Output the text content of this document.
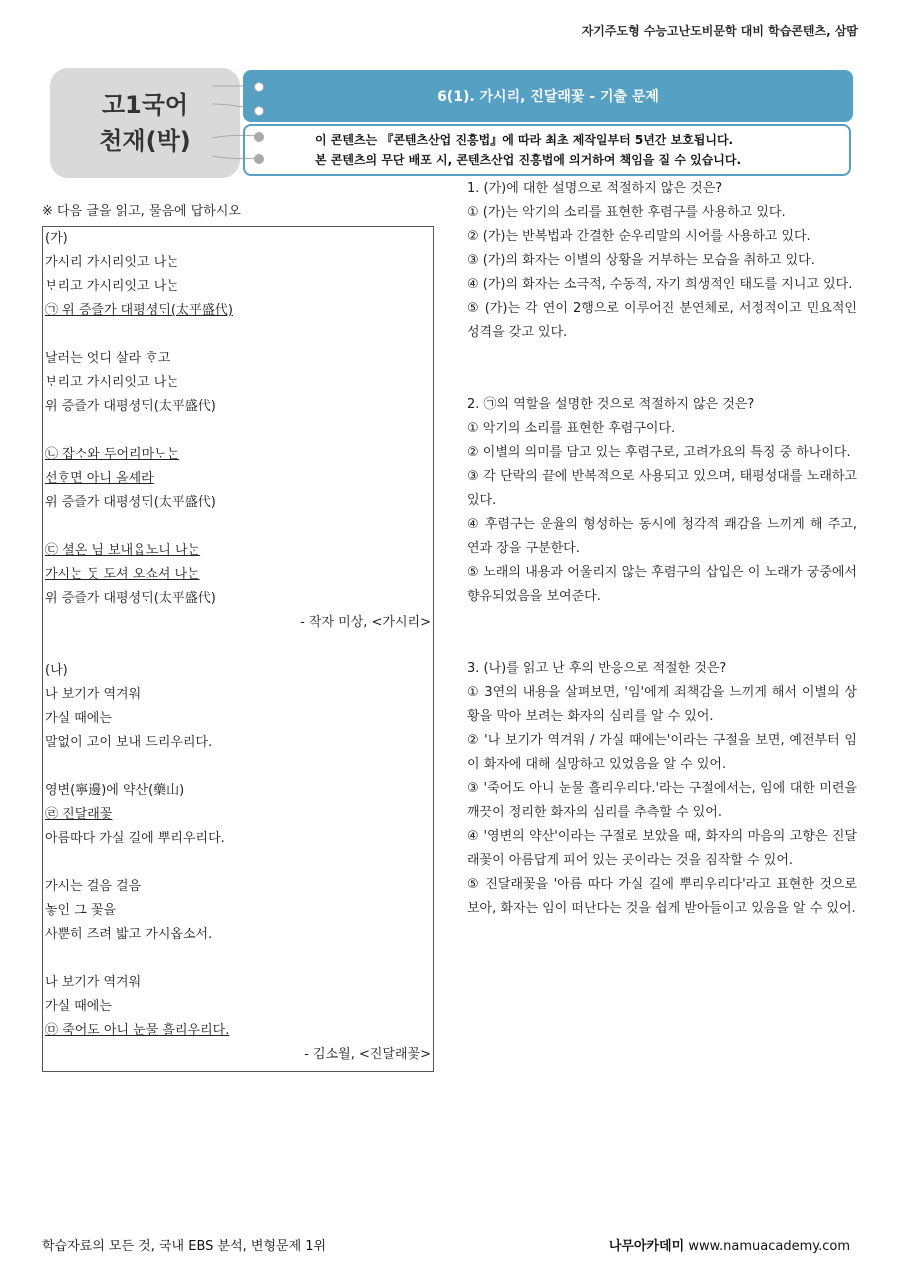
자기주도형 수능고난도비문학 대비 학습콘텐츠, 삼땀
고1국어
천재(박)
6(1). 가시리, 진달래꽃 - 기출 문제
이 콘텐츠는 『콘텐츠산업 진흥법』에 따라 최초 제작일부터 5년간 보호됩니다.
본 콘텐츠의 무단 배포 시, 콘텐츠산업 진흥법에 의거하여 책임을 질 수 있습니다.
※ 다음 글을 읽고, 물음에 답하시오
(가)
가시리 가시리잇고 나ᄂᆞᆫ
ᄇᆞ리고 가시리잇고 나ᄂᆞᆫ
㉠ 위 증즐가 대평셩ᄃᆡ(太平盛代)
날러는 엇디 살라 ᄒᆞ고
ᄇᆞ리고 가시리잇고 나ᄂᆞᆫ
위 증즐가 대평셩ᄃᆡ(太平盛代)
㉡ 잡ᄉᆞ와 두어리마ᄂᆞᄂᆞᆫ
선ᄒᆞ면 아니 올셰라
위 증즐가 대평셩ᄃᆡ(太平盛代)
㉢ 셜온 님 보내ᄋᆞᆸ노니 나ᄂᆞᆫ
가시ᄂᆞᆫ ᄃᆞᆺ 도셔 오쇼셔 나ᄂᆞᆫ
위 증즐가 대평셩ᄃᆡ(太平盛代)
- 작자 미상, <가시리>
(나)
나 보기가 역겨워
가실 때에는
말없이 고이 보내 드리우리다.
영변(寧邊)에 약산(藥山)
㉣ 진달래꽃
아름따다 가실 길에 뿌리우리다.
가시는 걸음 걸음
놓인 그 꽃을
사뿐히 즈려 밟고 가시옵소서.
나 보기가 역겨워
가실 때에는
㉤ 죽어도 아니 눈물 흘리우리다.
- 김소월, <진달래꽃>
1. (가)에 대한 설명으로 적절하지 않은 것은?
① (가)는 악기의 소리를 표현한 후렴구를 사용하고 있다.
② (가)는 반복법과 간결한 순우리말의 시어를 사용하고 있다.
③ (가)의 화자는 이별의 상황을 거부하는 모습을 취하고 있다.
④ (가)의 화자는 소극적, 수동적, 자기 희생적인 태도를 지니고 있다.
⑤ (가)는 각 연이 2행으로 이루어진 분연체로, 서정적이고 민요적인 성격을 갖고 있다.
2. ㉠의 역할을 설명한 것으로 적절하지 않은 것은?
① 악기의 소리를 표현한 후렴구이다.
② 이별의 의미를 담고 있는 후렴구로, 고려가요의 특징 중 하나이다.
③ 각 단락의 끝에 반복적으로 사용되고 있으며, 태평성대를 노래하고 있다.
④ 후렴구는 운율의 형성하는 동시에 청각적 쾌감을 느끼게 해 주고, 연과 장을 구분한다.
⑤ 노래의 내용과 어울리지 않는 후렴구의 삽입은 이 노래가 궁중에서 향유되었음을 보여준다.
3. (나)를 읽고 난 후의 반응으로 적절한 것은?
① 3연의 내용을 살펴보면, '임'에게 죄책감을 느끼게 해서 이별의 상황을 막아 보려는 화자의 심리를 알 수 있어.
② '나 보기가 역겨워 / 가실 때에는'이라는 구절을 보면, 예전부터 임이 화자에 대해 실망하고 있었음을 알 수 있어.
③ '죽어도 아니 눈물 흘리우리다.'라는 구절에서는, 임에 대한 미련을 깨끗이 정리한 화자의 심리를 추측할 수 있어.
④ '영변의 약산'이라는 구절로 보았을 때, 화자의 마음의 고향은 진달래꽃이 아름답게 피어 있는 곳이라는 것을 짐작할 수 있어.
⑤ 진달래꽃을 '아름 따다 가실 길에 뿌리우리다'라고 표현한 것으로 보아, 화자는 임이 떠난다는 것을 쉽게 받아들이고 있음을 알 수 있어.
학습자료의 모든 것, 국내 EBS 분석, 변형문제 1위	나무아카데미 www.namuacademy.com
